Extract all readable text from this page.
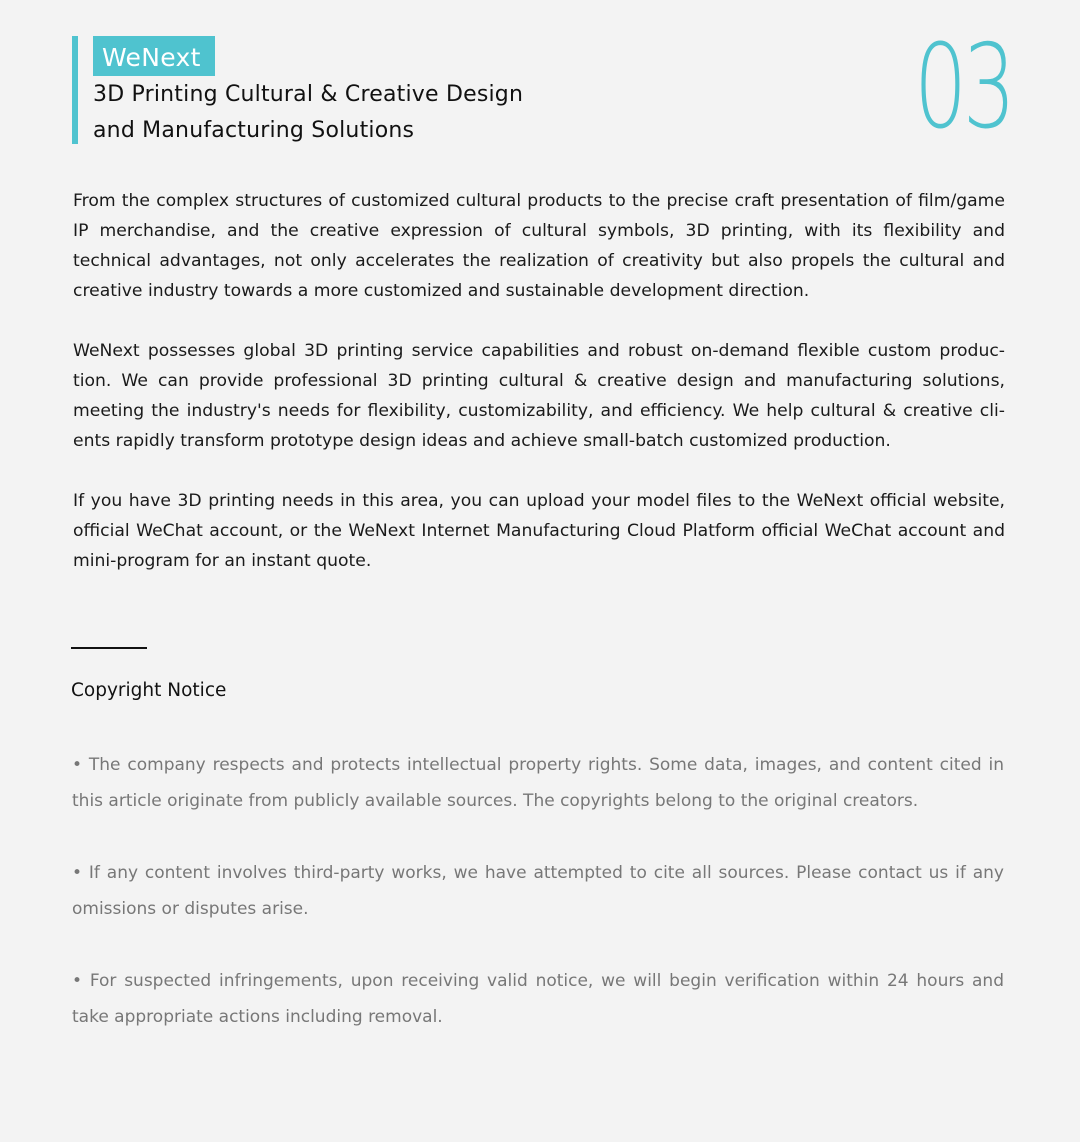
WeNext
3D Printing Cultural & Creative Design
and Manufacturing Solutions	03

From the complex structures of customized cultural products to the precise craft presentation of film/game IP merchandise, and the creative expression of cultural symbols, 3D printing, with its flexibility and technical advantages, not only accelerates the realization of creativity but also propels the cultural and creative industry towards a more customized and sustainable development direction.

WeNext possesses global 3D printing service capabilities and robust on-demand flexible custom produc-tion. We can provide professional 3D printing cultural & creative design and manufacturing solutions, meeting the industry's needs for flexibility, customizability, and efficiency. We help cultural & creative cli-ents rapidly transform prototype design ideas and achieve small-batch customized production.

If you have 3D printing needs in this area, you can upload your model files to the WeNext official website, official WeChat account, or the WeNext Internet Manufacturing Cloud Platform official WeChat account and mini-program for an instant quote.

Copyright Notice

• The company respects and protects intellectual property rights. Some data, images, and content cited in this article originate from publicly available sources. The copyrights belong to the original creators.

• If any content involves third-party works, we have attempted to cite all sources. Please contact us if any omissions or disputes arise.

• For suspected infringements, upon receiving valid notice, we will begin verification within 24 hours and take appropriate actions including removal.
